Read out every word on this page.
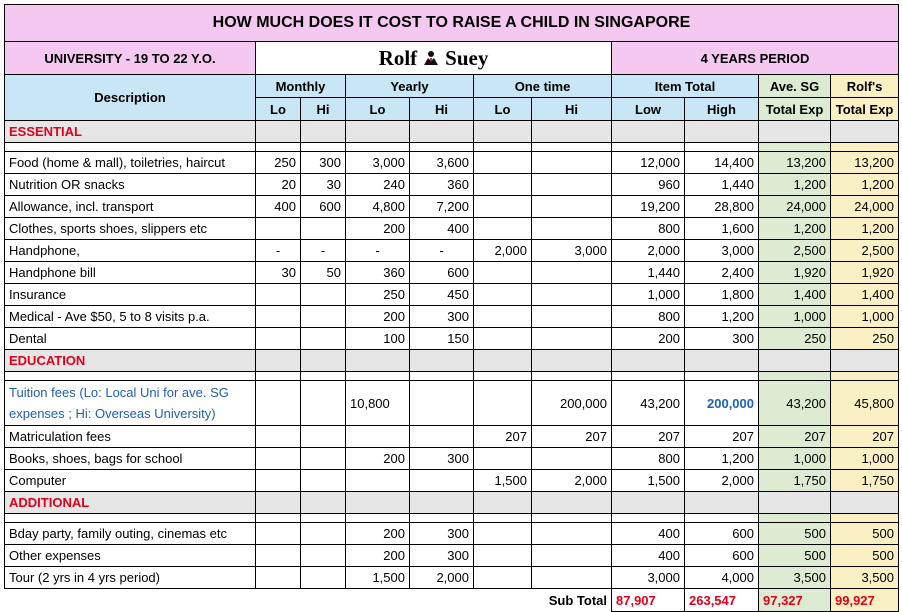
HOW MUCH DOES IT COST TO RAISE A CHILD IN SINGAPORE										
UNIVERSITY - 19 TO 22 Y.O.	Rolf Suey						4 YEARS PERIOD			
Description	Monthly		Yearly		One time		Item Total		Ave. SG	Rolf's
	Lo	Hi	Lo	Hi	Lo	Hi	Low	High	Total Exp	Total Exp
ESSENTIAL										

Food (home & mall), toiletries, haircut	250	300	3,000	3,600			12,000	14,400	13,200	13,200
Nutrition OR snacks	20	30	240	360			960	1,440	1,200	1,200
Allowance, incl. transport	400	600	4,800	7,200			19,200	28,800	24,000	24,000
Clothes, sports shoes, slippers etc			200	400			800	1,600	1,200	1,200
Handphone,	-	-	-	-	2,000	3,000	2,000	3,000	2,500	2,500
Handphone bill	30	50	360	600			1,440	2,400	1,920	1,920
Insurance			250	450			1,000	1,800	1,400	1,400
Medical - Ave $50, 5 to 8 visits p.a.			200	300			800	1,200	1,000	1,000
Dental			100	150			200	300	250	250
EDUCATION										

Tuition fees (Lo: Local Uni for ave. SG expenses ; Hi: Overseas University)			10,800			200,000	43,200	200,000	43,200	45,800
Matriculation fees					207	207	207	207	207	207
Books, shoes, bags for school			200	300			800	1,200	1,000	1,000
Computer					1,500	2,000	1,500	2,000	1,750	1,750
ADDITIONAL										

Bday party, family outing, cinemas etc			200	300			400	600	500	500
Other expenses			200	300			400	600	500	500
Tour (2 yrs in 4 yrs period)			1,500	2,000			3,000	4,000	3,500	3,500
Sub Total							87,907	263,547	97,327	99,927
